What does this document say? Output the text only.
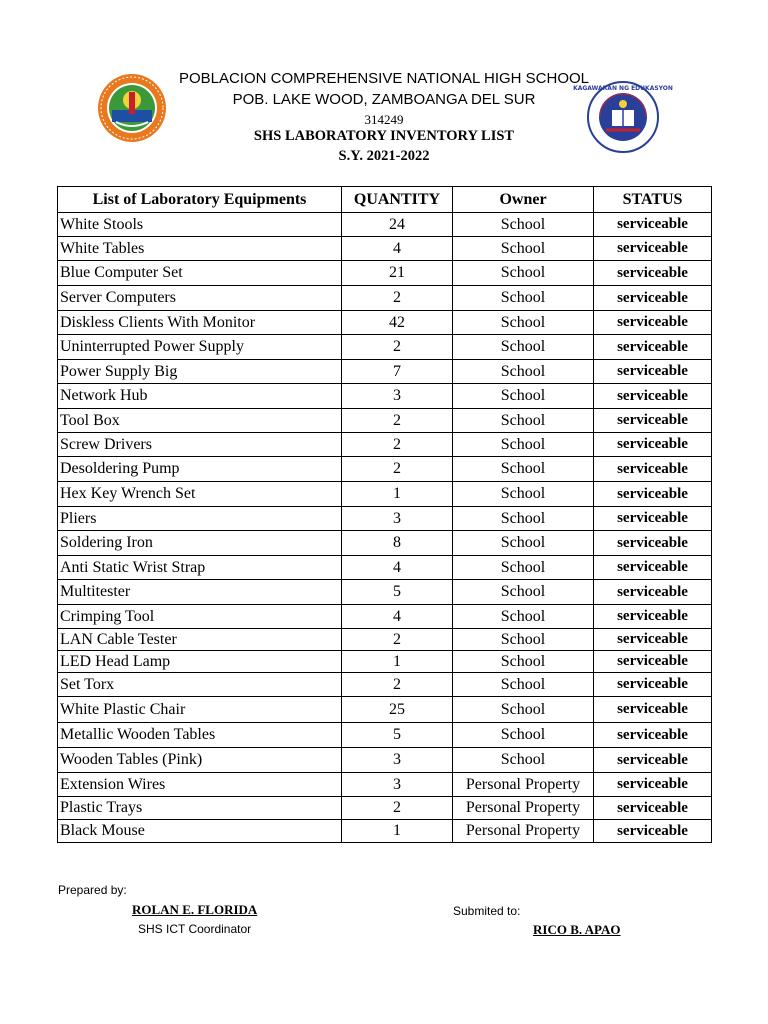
KAGAWARAN NG EDUKASYON
POBLACION COMPREHENSIVE NATIONAL HIGH SCHOOL
POB. LAKE WOOD, ZAMBOANGA DEL SUR
314249
SHS LABORATORY INVENTORY LIST
S.Y. 2021-2022
List of Laboratory Equipments	QUANTITY	Owner	STATUS
White Stools	24	School	serviceable
White Tables	4	School	serviceable
Blue Computer Set	21	School	serviceable
Server Computers	2	School	serviceable
Diskless Clients With Monitor	42	School	serviceable
Uninterrupted Power Supply	2	School	serviceable
Power Supply Big	7	School	serviceable
Network Hub	3	School	serviceable
Tool Box	2	School	serviceable
Screw Drivers	2	School	serviceable
Desoldering Pump	2	School	serviceable
Hex Key Wrench Set	1	School	serviceable
Pliers	3	School	serviceable
Soldering Iron	8	School	serviceable
Anti Static Wrist Strap	4	School	serviceable
Multitester	5	School	serviceable
Crimping Tool	4	School	serviceable
LAN Cable Tester	2	School	serviceable
LED Head Lamp	1	School	serviceable
Set Torx	2	School	serviceable
White Plastic Chair	25	School	serviceable
Metallic Wooden Tables	5	School	serviceable
Wooden Tables (Pink)	3	School	serviceable
Extension Wires	3	Personal Property	serviceable
Plastic Trays	2	Personal Property	serviceable
Black Mouse	1	Personal Property	serviceable
Prepared by:
ROLAN E. FLORIDA
SHS ICT Coordinator
Submited to:
RICO B. APAO
